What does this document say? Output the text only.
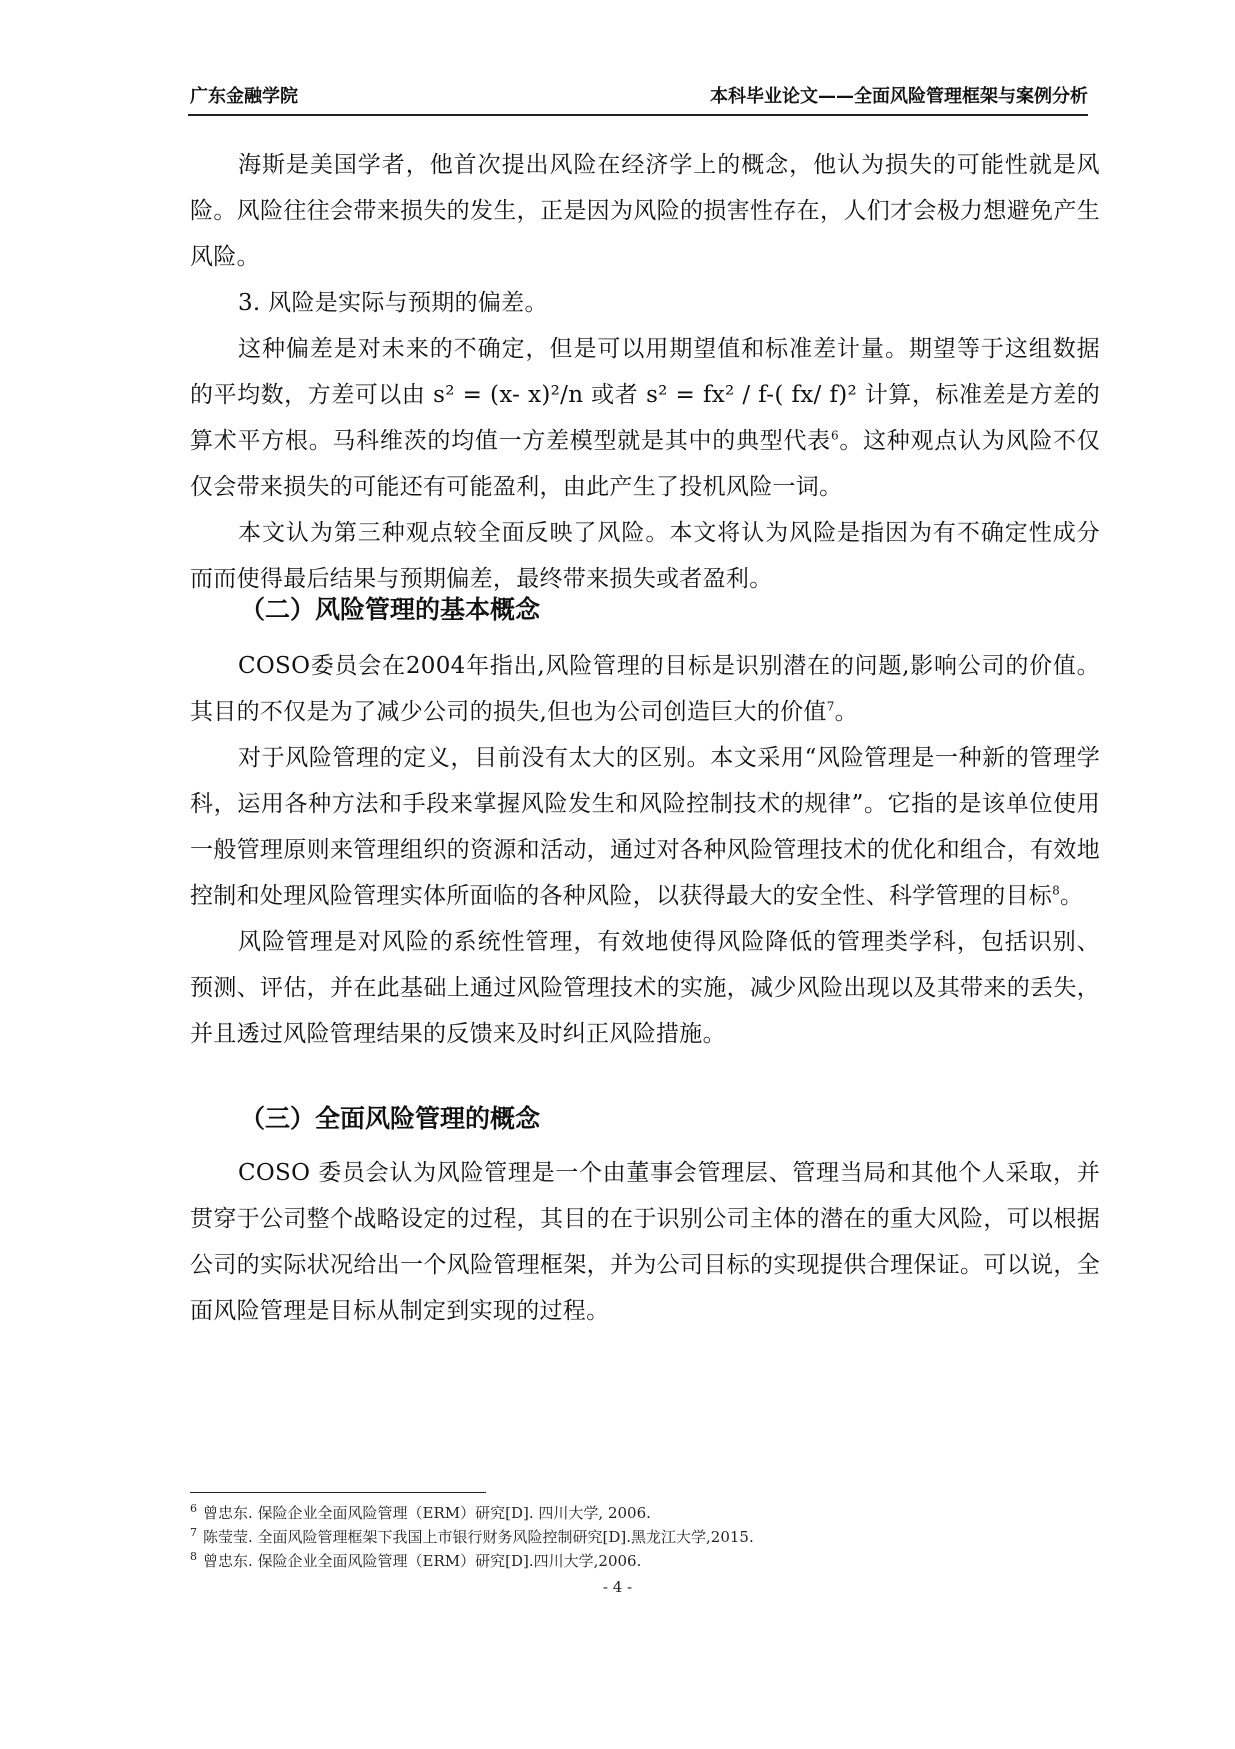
广东金融学院	本科毕业论文——全面风险管理框架与案例分析

海斯是美国学者，他首次提出风险在经济学上的概念，他认为损失的可能性就是风险。风险往往会带来损失的发生，正是因为风险的损害性存在，人们才会极力想避免产生风险。

3. 风险是实际与预期的偏差。

这种偏差是对未来的不确定，但是可以用期望值和标准差计量。期望等于这组数据的平均数，方差可以由 s² = (x- x)²/n 或者 s² = fx² / f-( fx/ f)² 计算，标准差是方差的算术平方根。马科维茨的均值一方差模型就是其中的典型代表$^6$。这种观点认为风险不仅仅会带来损失的可能还有可能盈利，由此产生了投机风险一词。

本文认为第三种观点较全面反映了风险。本文将认为风险是指因为有不确定性成分而而使得最后结果与预期偏差，最终带来损失或者盈利。

（二）风险管理的基本概念

COSO委员会在2004年指出,风险管理的目标是识别潜在的问题,影响公司的价值。其目的不仅是为了减少公司的损失,但也为公司创造巨大的价值$^7$。

对于风险管理的定义，目前没有太大的区别。本文采用“风险管理是一种新的管理学科，运用各种方法和手段来掌握风险发生和风险控制技术的规律”。它指的是该单位使用一般管理原则来管理组织的资源和活动，通过对各种风险管理技术的优化和组合，有效地控制和处理风险管理实体所面临的各种风险，以获得最大的安全性、科学管理的目标$^8$。

风险管理是对风险的系统性管理，有效地使得风险降低的管理类学科，包括识别、预测、评估，并在此基础上通过风险管理技术的实施，减少风险出现以及其带来的丢失，并且透过风险管理结果的反馈来及时纠正风险措施。

（三）全面风险管理的概念

COSO 委员会认为风险管理是一个由董事会管理层、管理当局和其他个人采取，并贯穿于公司整个战略设定的过程，其目的在于识别公司主体的潜在的重大风险，可以根据公司的实际状况给出一个风险管理框架，并为公司目标的实现提供合理保证。可以说，全面风险管理是目标从制定到实现的过程。

$^6$ 曾忠东. 保险企业全面风险管理（ERM）研究[D]. 四川大学, 2006.
$^7$ 陈莹莹. 全面风险管理框架下我国上市银行财务风险控制研究[D].黑龙江大学,2015.
$^8$ 曾忠东. 保险企业全面风险管理（ERM）研究[D].四川大学,2006.
- 4 -
